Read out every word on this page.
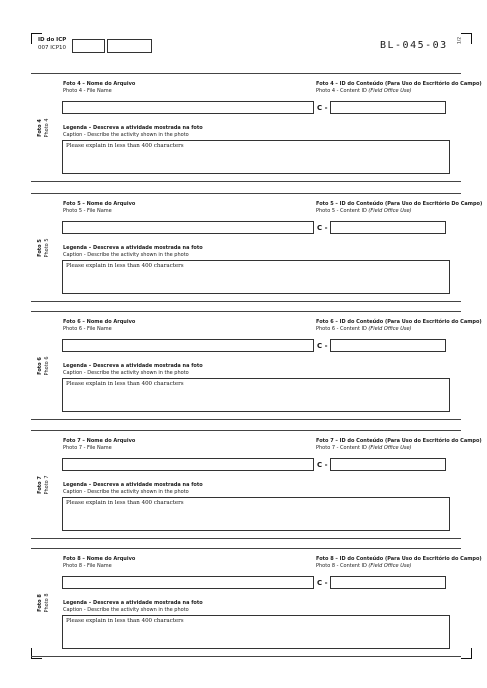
ID do ICP
007 ICP10	BL-045-03 1/2
Foto 4 Photo 4
Foto 4 – Nome do Arquivo
Photo 4 - File Name
Foto 4 – ID do Conteúdo (Para Uso do Escritório do Campo)
Photo 4 - Content ID (Field Office Use)
C -
Legenda – Descreva a atividade mostrada na foto
Caption - Describe the activity shown in the photo
Please explain in less than 400 characters
Foto 5 Photo 5
Foto 5 – Nome do Arquivo
Photo 5 - File Name
Foto 5 – ID do Conteúdo (Para Uso do Escritório Do Campo)
Photo 5 - Content ID (Field Office Use)
C -
Legenda – Descreva a atividade mostrada na foto
Caption - Describe the activity shown in the photo
Please explain in less than 400 characters
Foto 6 Photo 6
Foto 6 – Nome do Arquivo
Photo 6 - File Name
Foto 6 – ID do Conteúdo (Para Uso do Escritório do Campo)
Photo 6 - Content ID (Field Office Use)
C -
Legenda – Descreva a atividade mostrada na foto
Caption - Describe the activity shown in the photo
Please explain in less than 400 characters
Foto 7 Photo 7
Foto 7 – Nome do Arquivo
Photo 7 - File Name
Foto 7 – ID do Conteúdo (Para Uso do Escritório do Campo)
Photo 7 - Content ID (Field Office Use)
C -
Legenda – Descreva a atividade mostrada na foto
Caption - Describe the activity shown in the photo
Please explain in less than 400 characters
Foto 8 Photo 8
Foto 8 – Nome do Arquivo
Photo 8 - File Name
Foto 8 – ID do Conteúdo (Para Uso do Escritório do Campo)
Photo 8 - Content ID (Field Office Use)
C -
Legenda – Descreva a atividade mostrada na foto
Caption - Describe the activity shown in the photo
Please explain in less than 400 characters
